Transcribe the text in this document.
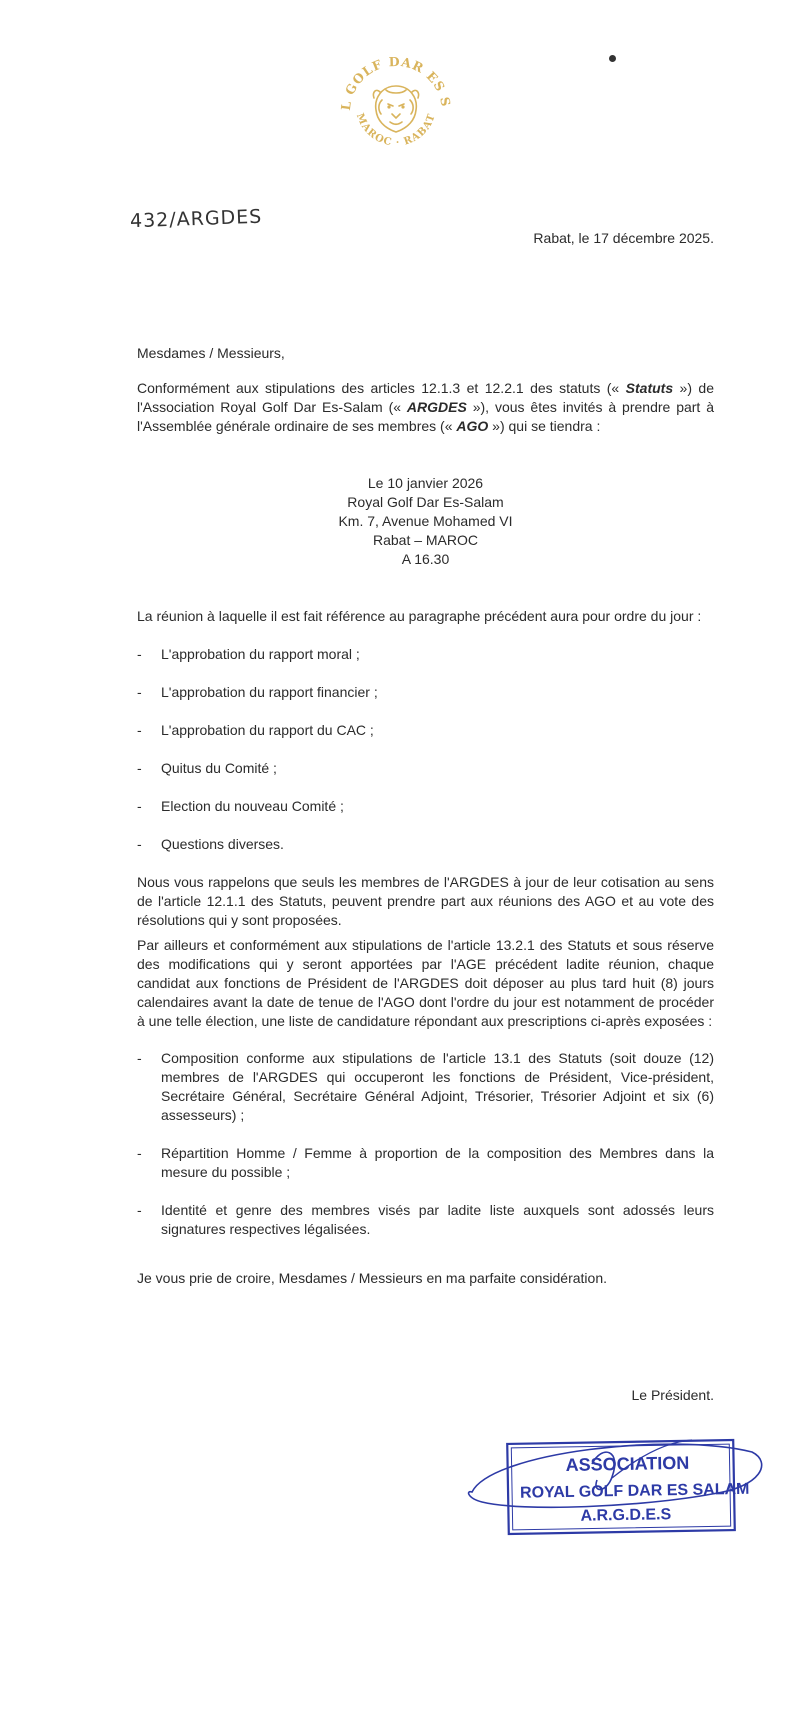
L GOLF DAR ES S
MAROC · RABAT
432/ARGDES
Rabat, le 17 décembre 2025.

Mesdames / Messieurs,

Conformément aux stipulations des articles 12.1.3 et 12.2.1 des statuts (« Statuts ») de l'Association Royal Golf Dar Es-Salam (« ARGDES »), vous êtes invités à prendre part à l'Assemblée générale ordinaire de ses membres (« AGO ») qui se tiendra :

Le 10 janvier 2026
Royal Golf Dar Es-Salam
Km. 7, Avenue Mohamed VI
Rabat – MAROC
A 16.30

La réunion à laquelle il est fait référence au paragraphe précédent aura pour ordre du jour :

- L'approbation du rapport moral ;
- L'approbation du rapport financier ;
- L'approbation du rapport du CAC ;
- Quitus du Comité ;
- Election du nouveau Comité ;
- Questions diverses.

Nous vous rappelons que seuls les membres de l'ARGDES à jour de leur cotisation au sens de l'article 12.1.1 des Statuts, peuvent prendre part aux réunions des AGO et au vote des résolutions qui y sont proposées.

Par ailleurs et conformément aux stipulations de l'article 13.2.1 des Statuts et sous réserve des modifications qui y seront apportées par l'AGE précédent ladite réunion, chaque candidat aux fonctions de Président de l'ARGDES doit déposer au plus tard huit (8) jours calendaires avant la date de tenue de l'AGO dont l'ordre du jour est notamment de procéder à une telle élection, une liste de candidature répondant aux prescriptions ci-après exposées :

- Composition conforme aux stipulations de l'article 13.1 des Statuts (soit douze (12) membres de l'ARGDES qui occuperont les fonctions de Président, Vice-président, Secrétaire Général, Secrétaire Général Adjoint, Trésorier, Trésorier Adjoint et six (6) assesseurs) ;
- Répartition Homme / Femme à proportion de la composition des Membres dans la mesure du possible ;
- Identité et genre des membres visés par ladite liste auxquels sont adossés leurs signatures respectives légalisées.

Je vous prie de croire, Mesdames / Messieurs en ma parfaite considération.

Le Président.
ASSOCIATION
ROYAL GOLF DAR ES SALAM
A.R.G.D.E.S
